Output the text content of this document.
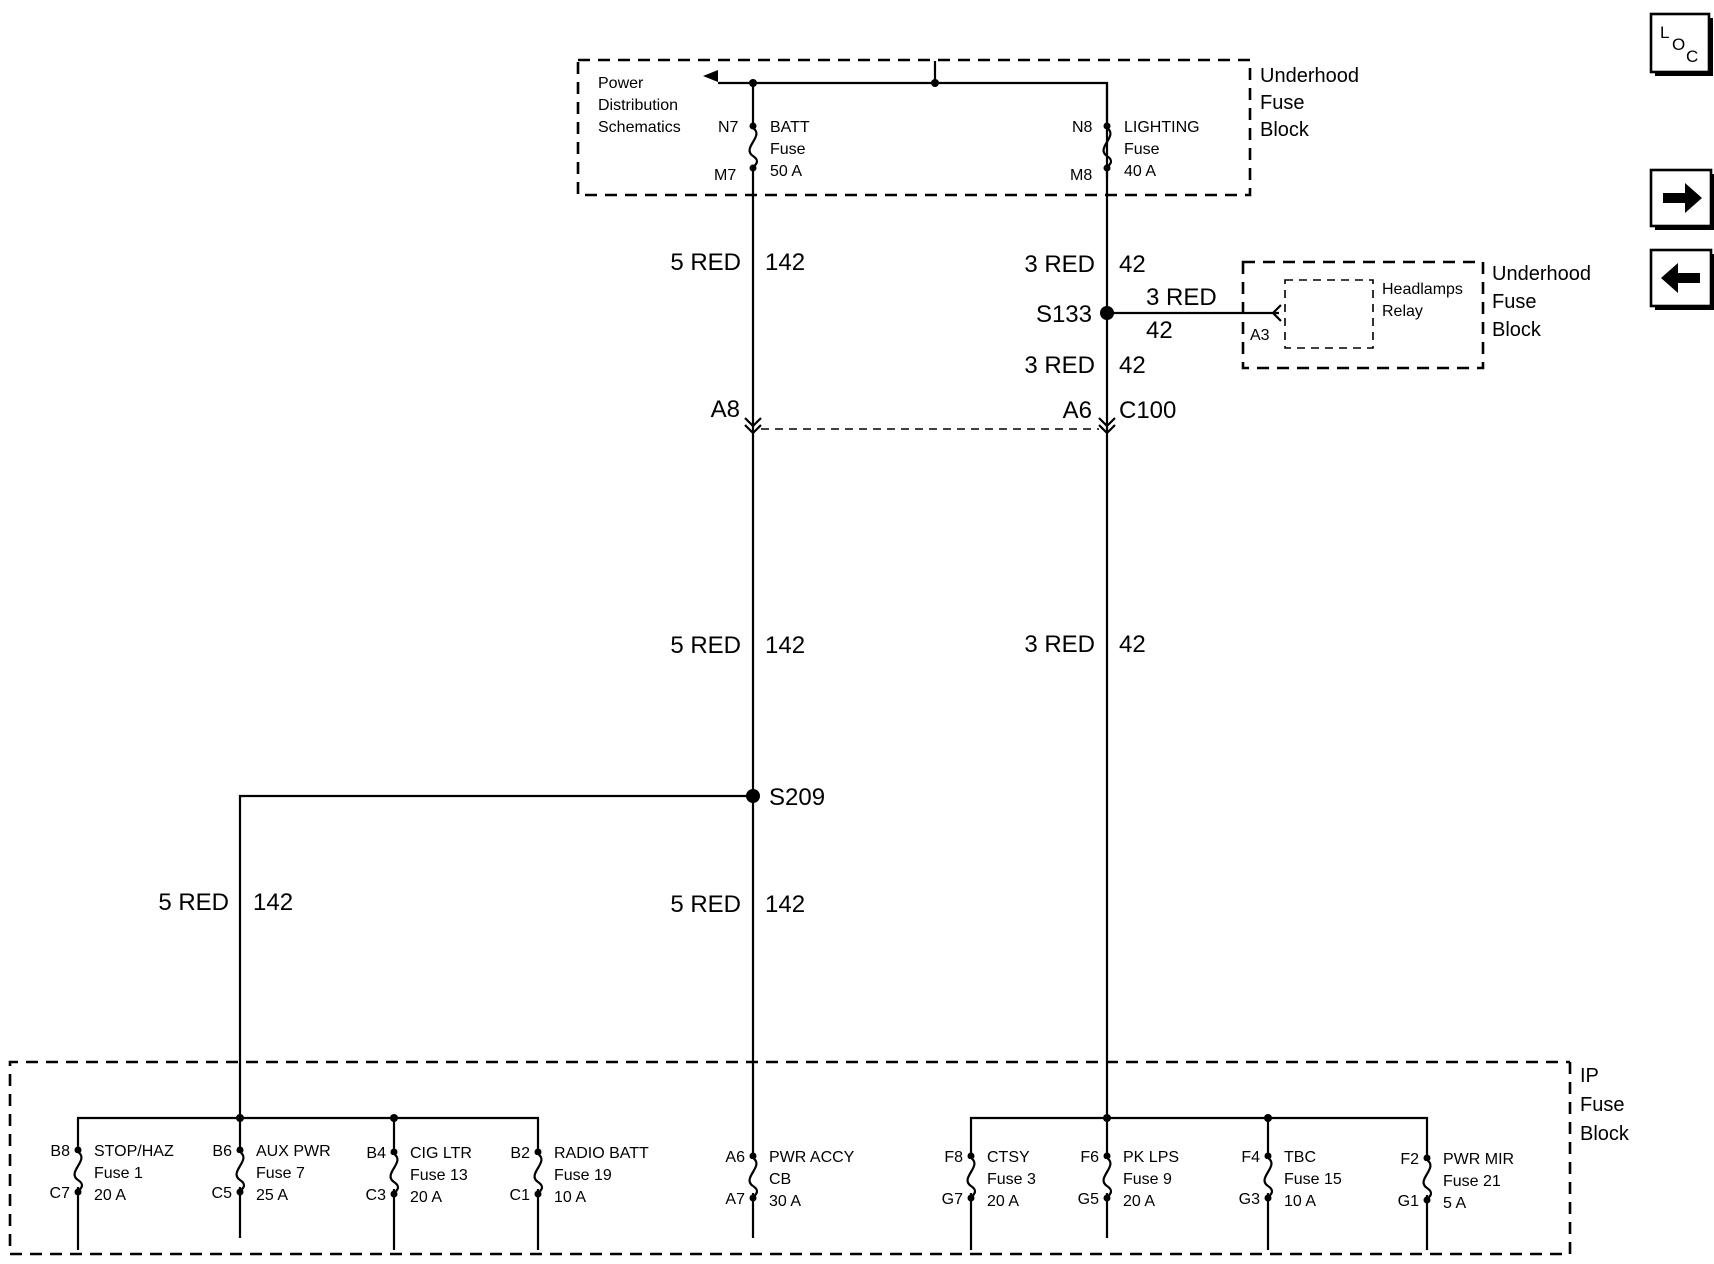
L
O
C
Underhood
Fuse
Block
Power
Distribution
Schematics N7
M7
BATT
Fuse
50 A
N8
M8
LIGHTING
Fuse
40 A
5 RED 142	3 RED 42
S133
3 RED
42
3 RED 42
A3
Headlamps
Relay
Underhood
Fuse
Block
A8	A6 C100
5 RED 142	3 RED 42
S209
5 RED 142	5 RED 142
IP
Fuse
Block
B8
C7
STOP/HAZ
Fuse 1
20 A
B6
C5
AUX PWR
Fuse 7
25 A
B4
C3
CIG LTR
Fuse 13
20 A
B2
C1
RADIO BATT
Fuse 19
10 A
A6
A7
PWR ACCY
CB
30 A
F8
G7
CTSY
Fuse 3
20 A
F6
G5
PK LPS
Fuse 9
20 A
F4
G3
TBC
Fuse 15
10 A
F2
G1
PWR MIR
Fuse 21
5 A
